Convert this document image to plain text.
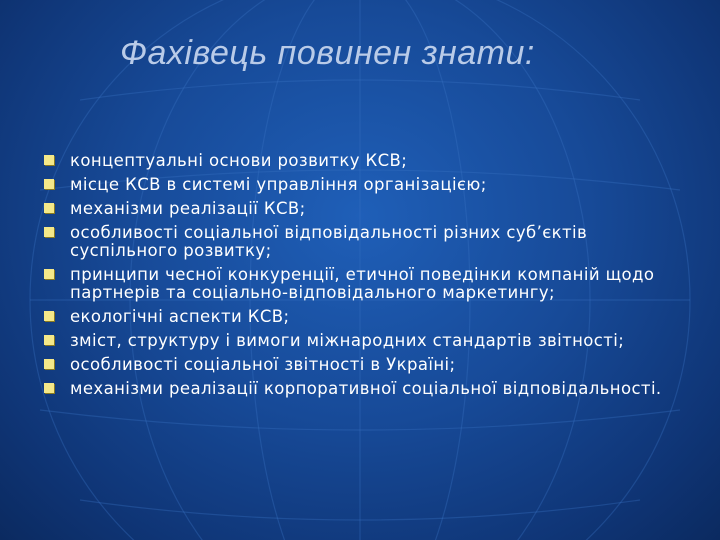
Фахівець повинен знати:
концептуальні основи розвитку КСВ;
місце КСВ в системі управління організацією;
механізми реалізації КСВ;
особливості соціальної відповідальності різних суб’єктів суспільного розвитку;
принципи чесної конкуренції, етичної поведінки компаній щодо партнерів та соціально-відповідального маркетингу;
екологічні аспекти КСВ;
зміст, структуру і вимоги міжнародних стандартів звітності;
особливості соціальної звітності в Україні;
механізми реалізації корпоративної соціальної відповідальності.
